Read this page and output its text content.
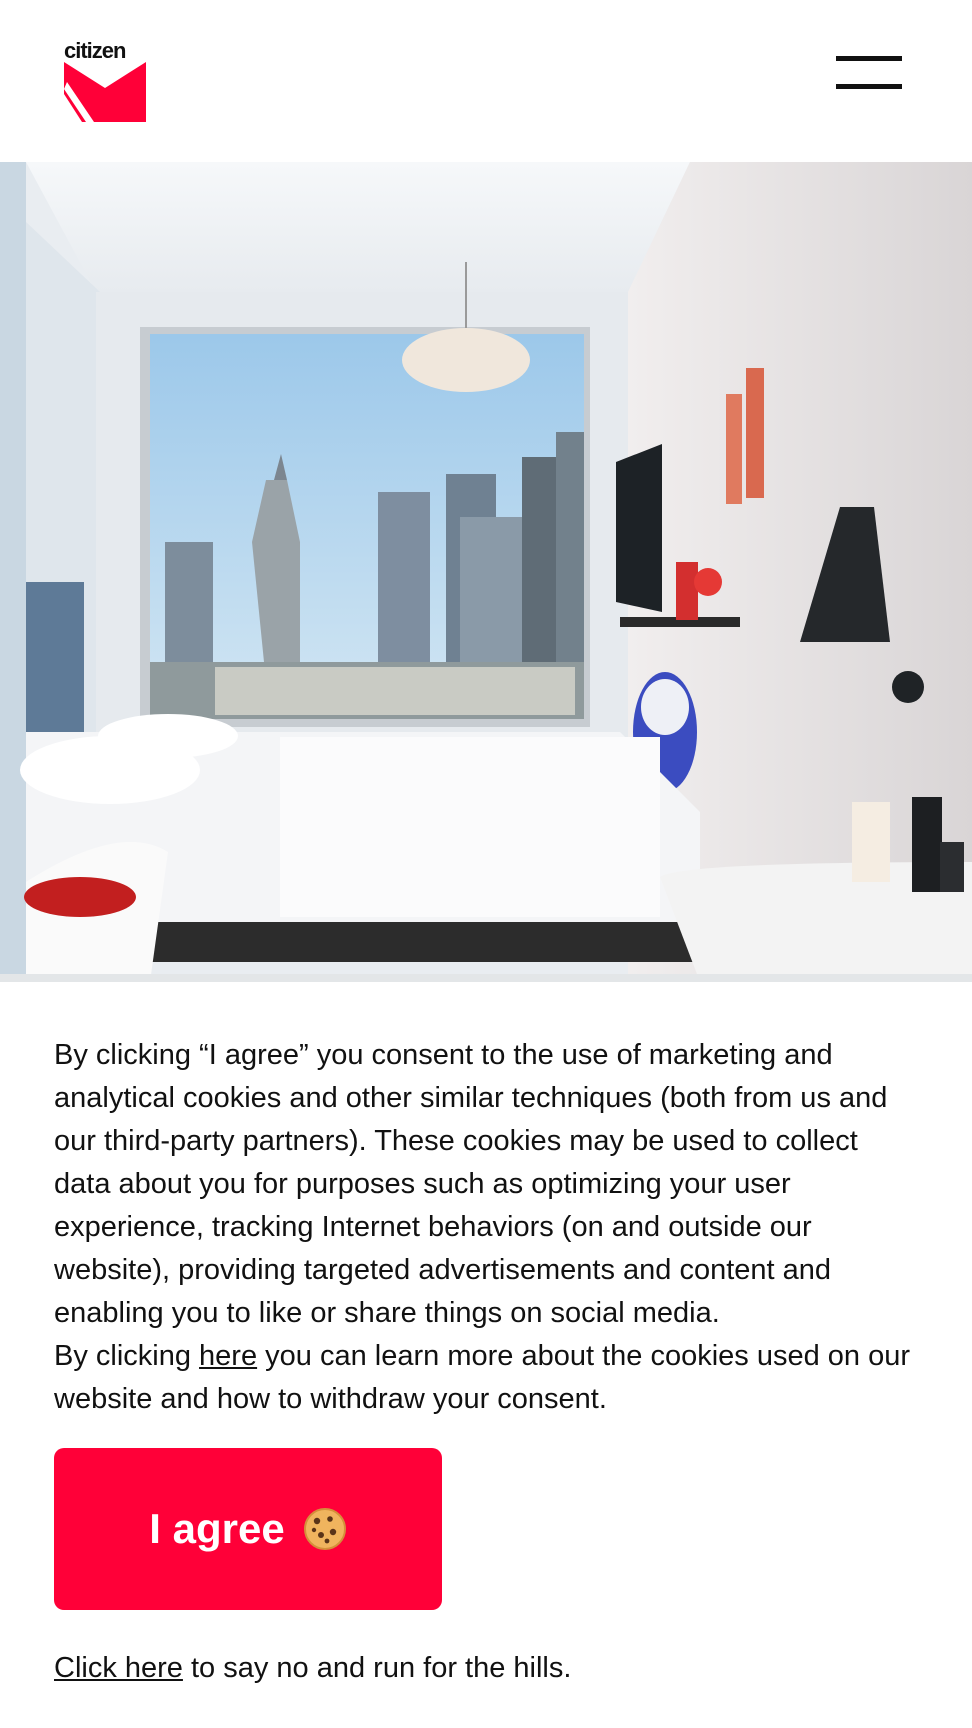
citizen

By clicking “I agree” you consent to the use of marketing and analytical cookies and other similar techniques (both from us and our third-party partners). These cookies may be used to collect data about you for purposes such as optimizing your user experience, tracking Internet behaviors (on and outside our website), providing targeted advertisements and content and enabling you to like or share things on social media.

By clicking here you can learn more about the cookies used on our website and how to withdraw your consent.

I agree
Click here to say no and run for the hills.
